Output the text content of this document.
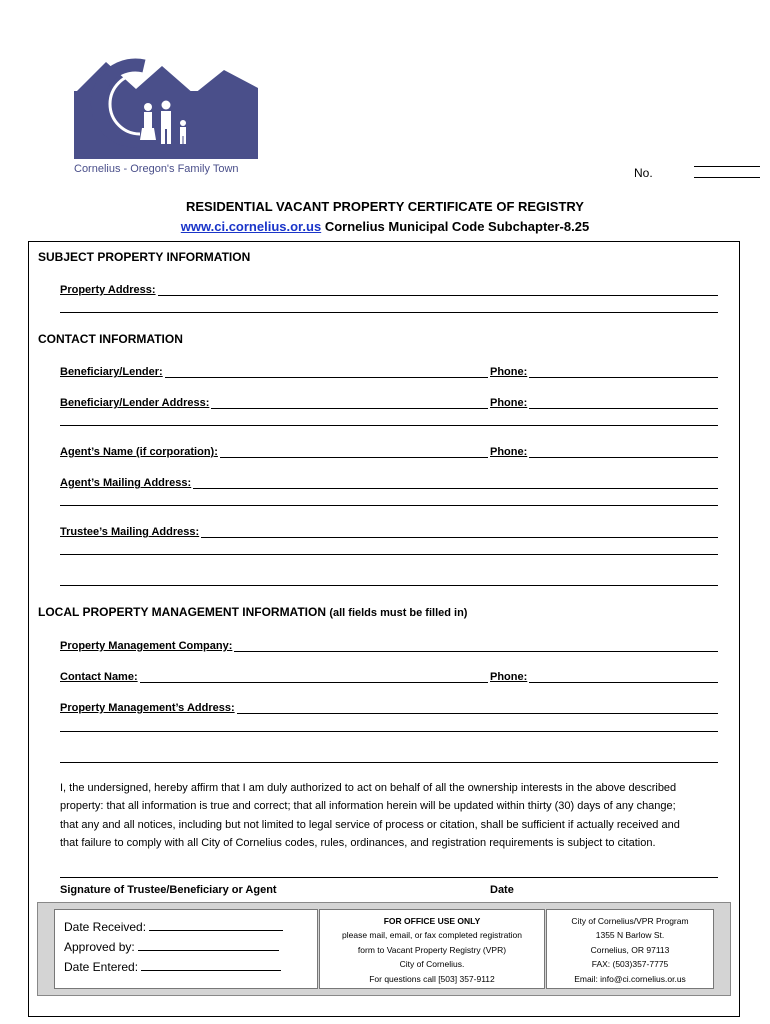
Cornelius - Oregon's Family Town	No.
RESIDENTIAL VACANT PROPERTY CERTIFICATE OF REGISTRY
www.ci.cornelius.or.us Cornelius Municipal Code Subchapter-8.25
SUBJECT PROPERTY INFORMATION
Property Address:
CONTACT INFORMATION
Beneficiary/Lender:	Phone:
Beneficiary/Lender Address:	Phone:
Agent’s Name (if corporation):	Phone:
Agent’s Mailing Address:
Trustee’s Mailing Address:
LOCAL PROPERTY MANAGEMENT INFORMATION (all fields must be filled in)
Property Management Company:
Contact Name:	Phone:
Property Management’s Address:
I, the undersigned, hereby affirm that I am duly authorized to act on behalf of all the ownership interests in the above described
property: that all information is true and correct; that all information herein will be updated within thirty (30) days of any change;
that any and all notices, including but not limited to legal service of process or citation, shall be sufficient if actually received and
that failure to comply with all City of Cornelius codes, rules, ordinances, and registration requirements is subject to citation.
Signature of Trustee/Beneficiary or Agent	Date
Date Received:
Approved by:
Date Entered:
FOR OFFICE USE ONLY
please mail, email, or fax completed registration
form to Vacant Property Registry (VPR)
City of Cornelius.
For questions call [503] 357-9112
City of Cornelius/VPR Program
1355 N Barlow St.
Cornelius, OR 97113
FAX: (503)357-7775
Email: info@ci.cornelius.or.us
